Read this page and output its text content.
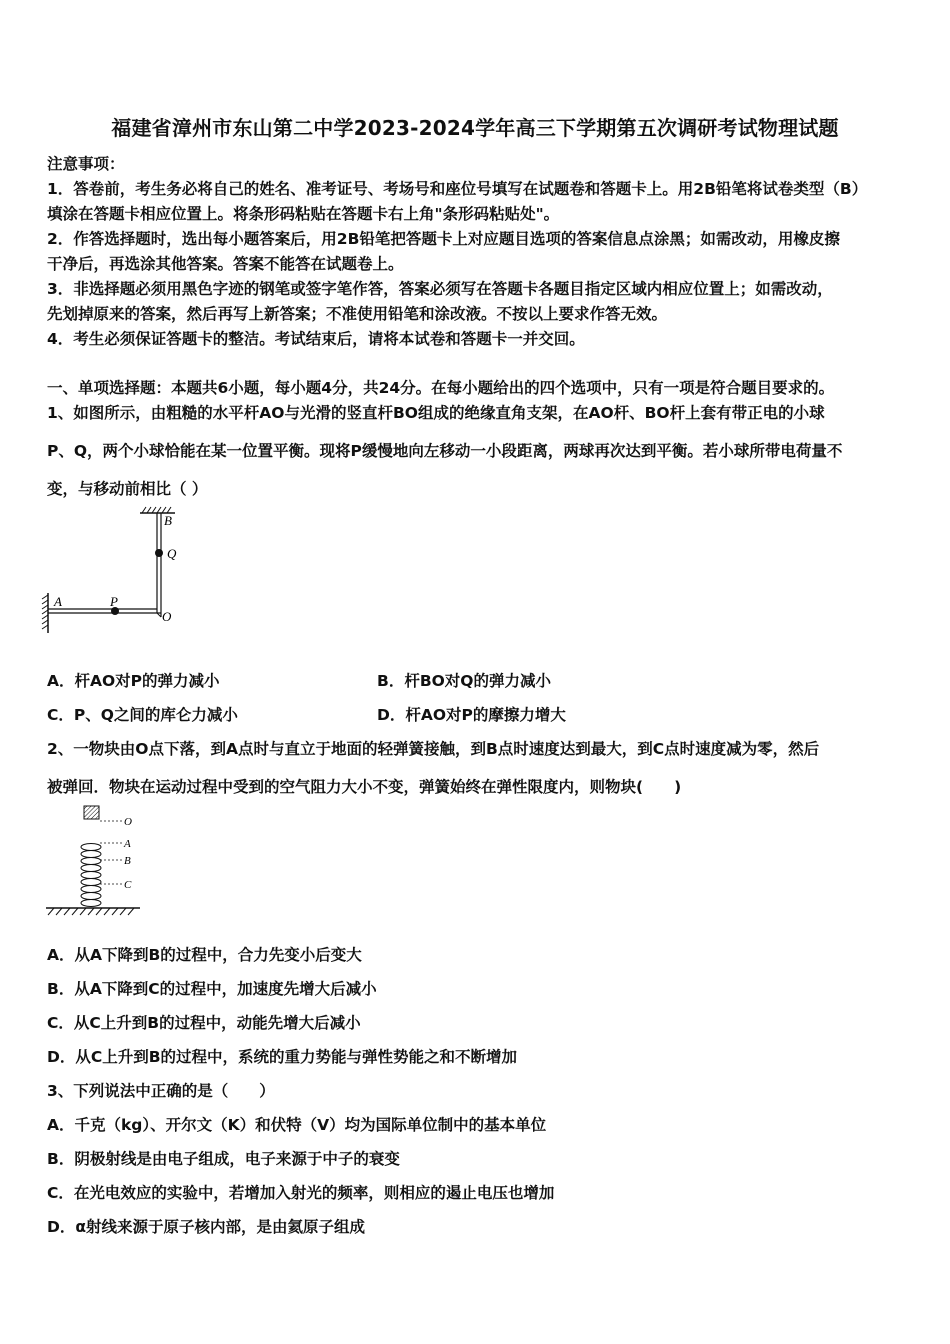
福建省漳州市东山第二中学2023-2024学年高三下学期第五次调研考试物理试题
注意事项：
1．答卷前，考生务必将自己的姓名、准考证号、考场号和座位号填写在试题卷和答题卡上。用2B铅笔将试卷类型（B）
填涂在答题卡相应位置上。将条形码粘贴在答题卡右上角"条形码粘贴处"。
2．作答选择题时，选出每小题答案后，用2B铅笔把答题卡上对应题目选项的答案信息点涂黑；如需改动，用橡皮擦
干净后，再选涂其他答案。答案不能答在试题卷上。
3．非选择题必须用黑色字迹的钢笔或签字笔作答，答案必须写在答题卡各题目指定区域内相应位置上；如需改动，
先划掉原来的答案，然后再写上新答案；不准使用铅笔和涂改液。不按以上要求作答无效。
4．考生必须保证答题卡的整洁。考试结束后，请将本试卷和答题卡一并交回。
一、单项选择题：本题共6小题，每小题4分，共24分。在每小题给出的四个选项中，只有一项是符合题目要求的。
1、如图所示，由粗糙的水平杆AO与光滑的竖直杆BO组成的绝缘直角支架，在AO杆、BO杆上套有带正电的小球
P、Q，两个小球恰能在某一位置平衡。现将P缓慢地向左移动一小段距离，两球再次达到平衡。若小球所带电荷量不
变，与移动前相比（ ）
B
Q
A	P
O
A．杆AO对P的弹力减小	B．杆BO对Q的弹力减小
C．P、Q之间的库仑力减小	D．杆AO对P的摩擦力增大
2、一物块由O点下落，到A点时与直立于地面的轻弹簧接触，到B点时速度达到最大，到C点时速度减为零，然后
被弹回．物块在运动过程中受到的空气阻力大小不变，弹簧始终在弹性限度内，则物块(　　)
O
A
B
C
A．从A下降到B的过程中，合力先变小后变大
B．从A下降到C的过程中，加速度先增大后减小
C．从C上升到B的过程中，动能先增大后减小
D．从C上升到B的过程中，系统的重力势能与弹性势能之和不断增加
3、下列说法中正确的是（　　）
A．千克（kg）、开尔文（K）和伏特（V）均为国际单位制中的基本单位
B．阴极射线是由电子组成，电子来源于中子的衰变
C．在光电效应的实验中，若增加入射光的频率，则相应的遏止电压也增加
D．α射线来源于原子核内部，是由氦原子组成
